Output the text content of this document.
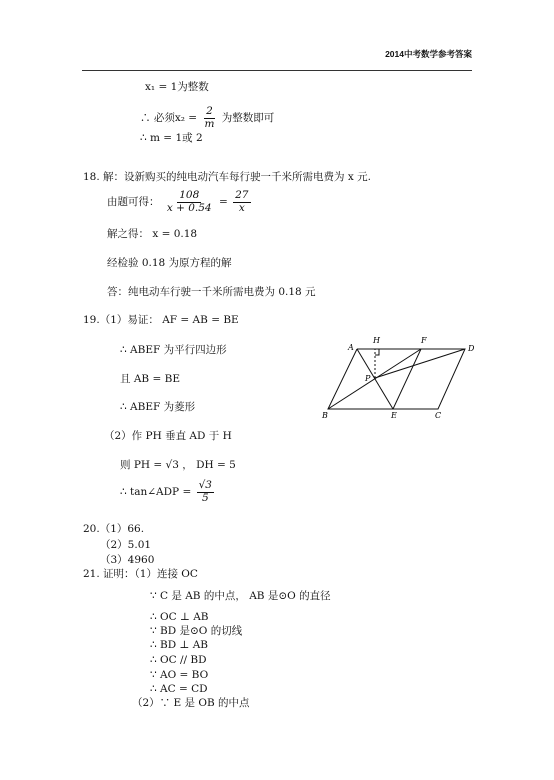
2014中考数学参考答案
x₁ = 1为整数
∴ 必须$x_2 = \frac{2}{m}$ 为整数即可
∴ m = 1或 2
18. 解：设新购买的纯电动汽车每行驶一千米所需电费为 x 元.
由题可得： $\frac{108}{x + 0.54} = \frac{27}{x}$
解之得： x = 0.18
经检验 0.18 为原方程的解
答：纯电动车行驶一千米所需电费为 0.18 元
19.（1）易证： AF = AB = BE
∴ ABEF 为平行四边形
且 AB = BE
∴ ABEF 为菱形
（2）作 PH 垂直 AD 于 H
则 PH = √3 ， DH = 5
∴ tan∠ADP = $\frac{√3}{5}$
20.（1）66.
（2）5.01
（3）4960
21. 证明：（1）连接 OC
∵ C 是 AB 的中点， AB 是⊙O 的直径
∴ OC ⊥ AB
∵ BD 是⊙O 的切线
∴ BD ⊥ AB
∴ OC // BD
∵ AO = BO
∴ AC = CD
（2）∵ E 是 OB 的中点
A
H	F
D
P
B	E	C
